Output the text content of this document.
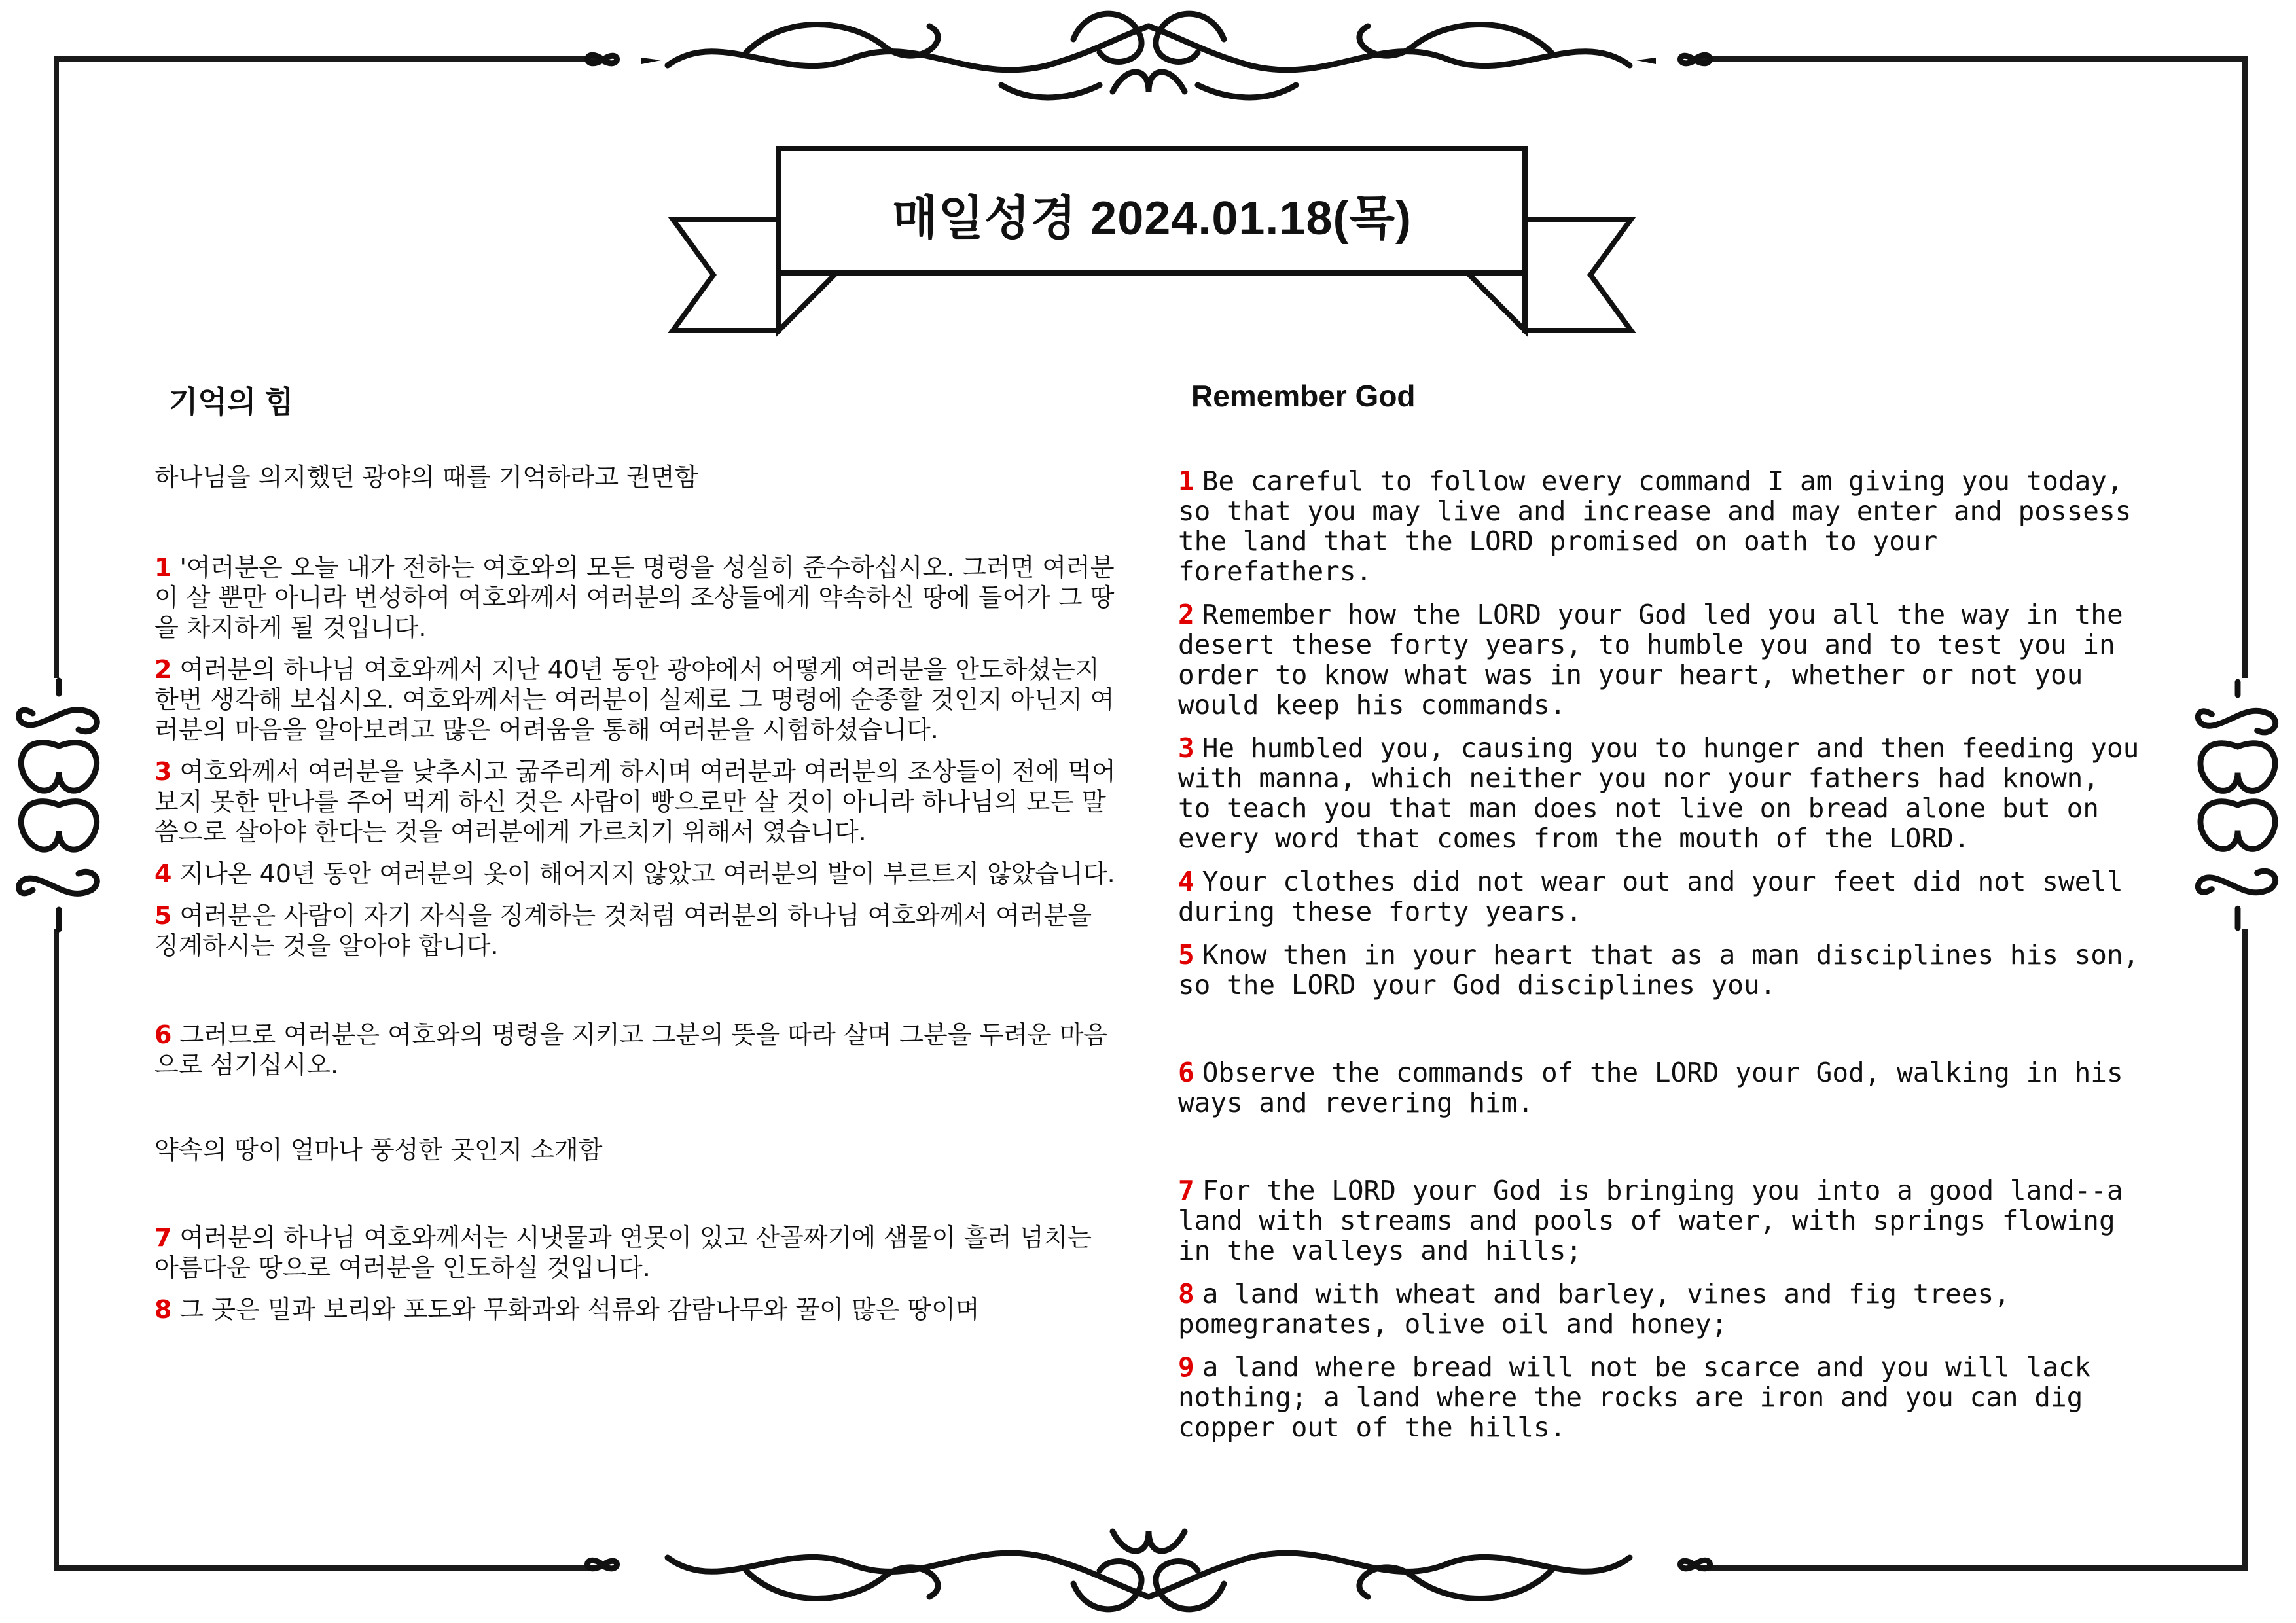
매일성경 2024.01.18(목)
기억의 힘	Remember God

하나님을 의지했던 광야의 때를 기억하라고 권면함

1 '여러분은 오늘 내가 전하는 여호와의 모든 명령을 성실히 준수하십시오. 그러면 여러분이 살 뿐만 아니라 번성하여 여호와께서 여러분의 조상들에게 약속하신 땅에 들어가 그 땅을 차지하게 될 것입니다.

2 여러분의 하나님 여호와께서 지난 40년 동안 광야에서 어떻게 여러분을 안도하셨는지 한번 생각해 보십시오. 여호와께서는 여러분이 실제로 그 명령에 순종할 것인지 아닌지 여러분의 마음을 알아보려고 많은 어려움을 통해 여러분을 시험하셨습니다.

3 여호와께서 여러분을 낮추시고 굶주리게 하시며 여러분과 여러분의 조상들이 전에 먹어 보지 못한 만나를 주어 먹게 하신 것은 사람이 빵으로만 살 것이 아니라 하나님의 모든 말씀으로 살아야 한다는 것을 여러분에게 가르치기 위해서 였습니다.

4 지나온 40년 동안 여러분의 옷이 해어지지 않았고 여러분의 발이 부르트지 않았습니다.

5 여러분은 사람이 자기 자식을 징계하는 것처럼 여러분의 하나님 여호와께서 여러분을 징계하시는 것을 알아야 합니다.

6 그러므로 여러분은 여호와의 명령을 지키고 그분의 뜻을 따라 살며 그분을 두려운 마음으로 섬기십시오.

약속의 땅이 얼마나 풍성한 곳인지 소개함

7 여러분의 하나님 여호와께서는 시냇물과 연못이 있고 산골짜기에 샘물이 흘러 넘치는 아름다운 땅으로 여러분을 인도하실 것입니다.

8 그 곳은 밀과 보리와 포도와 무화과와 석류와 감람나무와 꿀이 많은 땅이며

1 Be careful to follow every command I am giving you today, so that you may live and increase and may enter and possess the land that the LORD promised on oath to your forefathers.

2 Remember how the LORD your God led you all the way in the desert these forty years, to humble you and to test you in order to know what was in your heart, whether or not you would keep his commands.

3 He humbled you, causing you to hunger and then feeding you with manna, which neither you nor your fathers had known, to teach you that man does not live on bread alone but on every word that comes from the mouth of the LORD.

4 Your clothes did not wear out and your feet did not swell during these forty years.

5 Know then in your heart that as a man disciplines his son, so the LORD your God disciplines you.

6 Observe the commands of the LORD your God, walking in his ways and revering him.

7 For the LORD your God is bringing you into a good land--a land with streams and pools of water, with springs flowing in the valleys and hills;

8 a land with wheat and barley, vines and fig trees, pomegranates, olive oil and honey;

9 a land where bread will not be scarce and you will lack nothing; a land where the rocks are iron and you can dig copper out of the hills.
